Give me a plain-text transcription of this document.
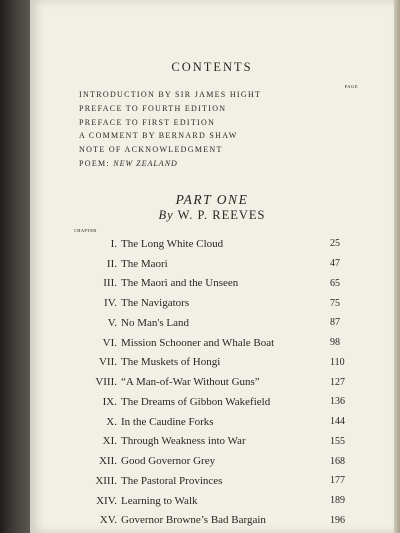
CONTENTS
PAGE
INTRODUCTION BY SIR JAMES HIGHT
PREFACE TO FOURTH EDITION
PREFACE TO FIRST EDITION
A COMMENT BY BERNARD SHAW
NOTE OF ACKNOWLEDGMENT
POEM: NEW ZEALAND
PART ONE
By W. P. REEVES
CHAPTER
I. The Long White Cloud	25
II. The Maori	47
III. The Maori and the Unseen	65
IV. The Navigators	75
V. No Man's Land	87
VI. Mission Schooner and Whale Boat	98
VII. The Muskets of Hongi	110
VIII. “A Man-of-War Without Guns”	127
IX. The Dreams of Gibbon Wakefield	136
X. In the Caudine Forks	144
XI. Through Weakness into War	155
XII. Good Governor Grey	168
XIII. The Pastoral Provinces	177
XIV. Learning to Walk	189
XV. Governor Browne’s Bad Bargain	196
